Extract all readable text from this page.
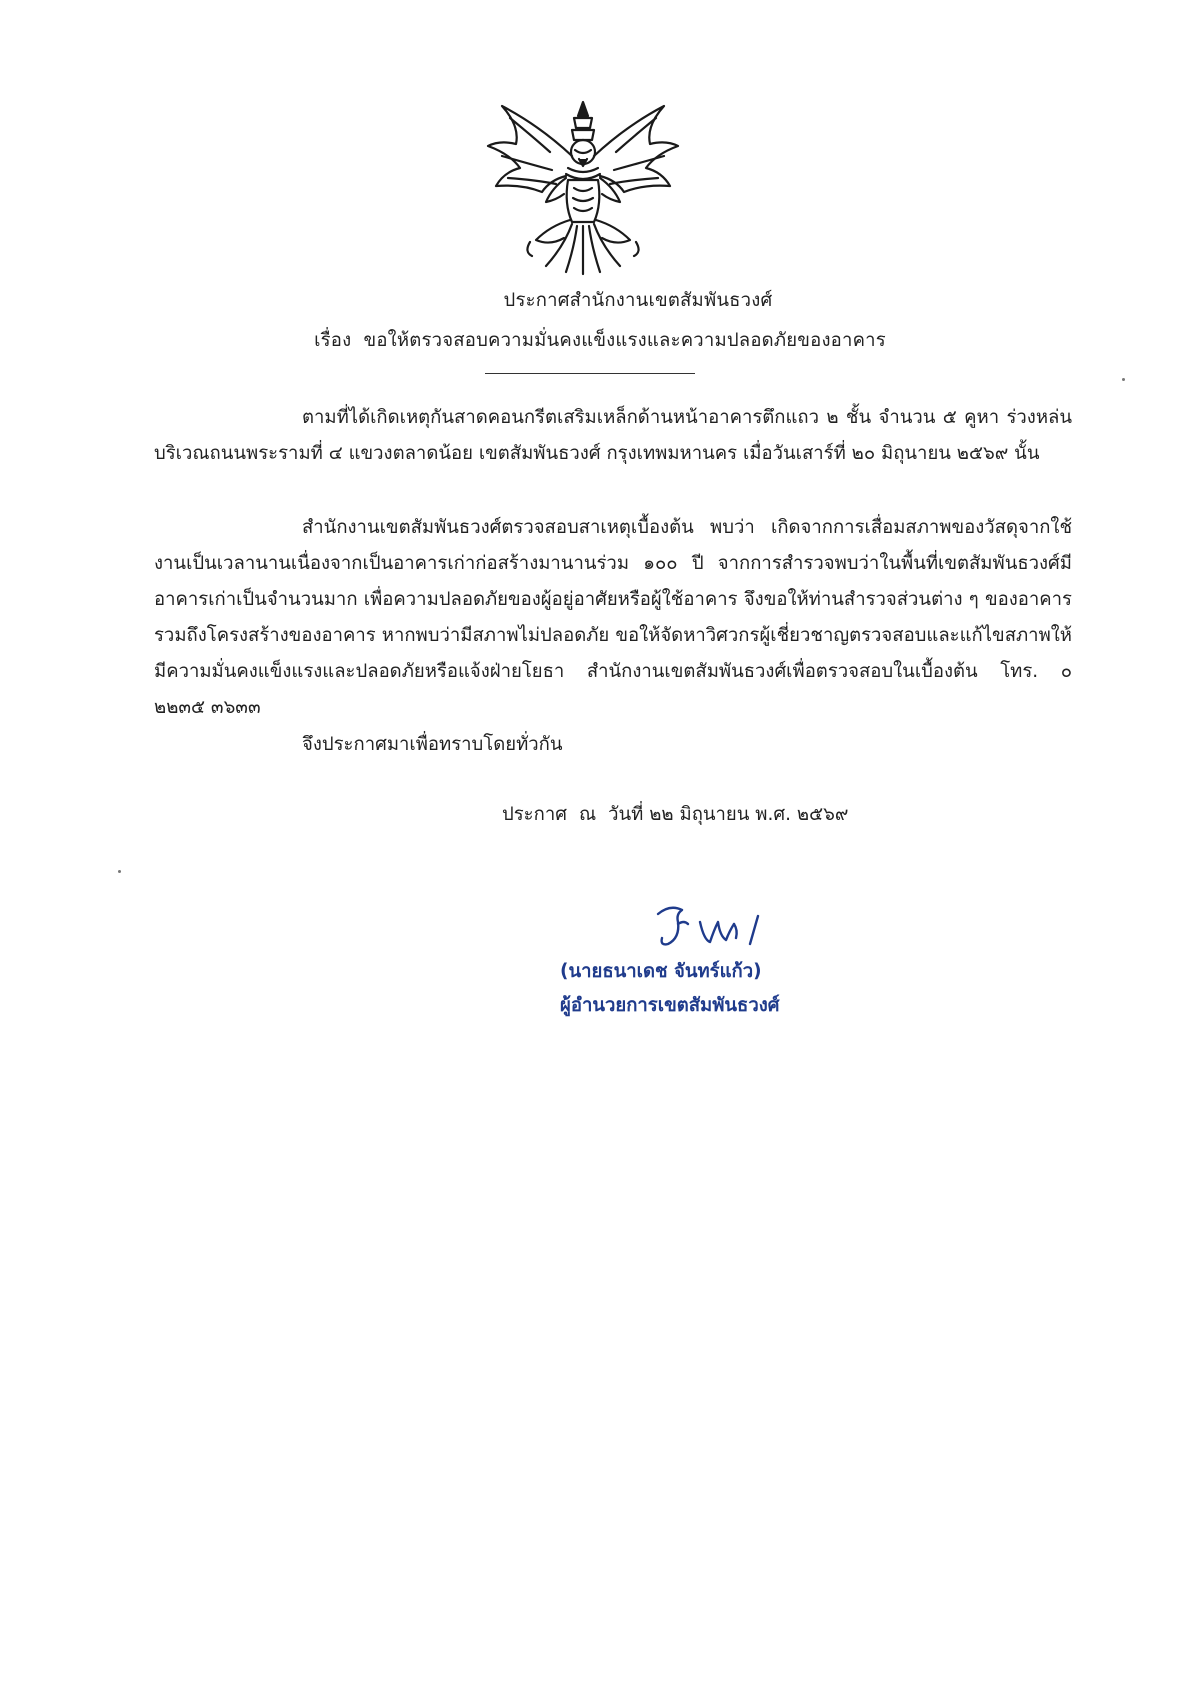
ประกาศสำนักงานเขตสัมพันธวงศ์
เรื่อง ขอให้ตรวจสอบความมั่นคงแข็งแรงและความปลอดภัยของอาคาร
ตามที่ได้เกิดเหตุกันสาดคอนกรีตเสริมเหล็กด้านหน้าอาคารตึกแถว ๒ ชั้น จำนวน ๕ คูหา ร่วงหล่นบริเวณถนนพระรามที่ ๔ แขวงตลาดน้อย เขตสัมพันธวงศ์ กรุงเทพมหานคร เมื่อวันเสาร์ที่ ๒๐ มิถุนายน ๒๕๖๙ นั้น
สำนักงานเขตสัมพันธวงศ์ตรวจสอบสาเหตุเบื้องต้น พบว่า เกิดจากการเสื่อมสภาพของวัสดุจากใช้งานเป็นเวลานานเนื่องจากเป็นอาคารเก่าก่อสร้างมานานร่วม ๑๐๐ ปี จากการสำรวจพบว่าในพื้นที่เขตสัมพันธวงศ์มีอาคารเก่าเป็นจำนวนมาก เพื่อความปลอดภัยของผู้อยู่อาศัยหรือผู้ใช้อาคาร จึงขอให้ท่านสำรวจส่วนต่าง ๆ ของอาคารรวมถึงโครงสร้างของอาคาร หากพบว่ามีสภาพไม่ปลอดภัย ขอให้จัดหาวิศวกรผู้เชี่ยวชาญตรวจสอบและแก้ไขสภาพให้มีความมั่นคงแข็งแรงและปลอดภัยหรือแจ้งฝ่ายโยธา สำนักงานเขตสัมพันธวงศ์เพื่อตรวจสอบในเบื้องต้น โทร. ๐ ๒๒๓๕ ๓๖๓๓
จึงประกาศมาเพื่อทราบโดยทั่วกัน
ประกาศ ณ วันที่ ๒๒ มิถุนายน พ.ศ. ๒๕๖๙
(นายธนาเดช จันทร์แก้ว)
ผู้อำนวยการเขตสัมพันธวงศ์
